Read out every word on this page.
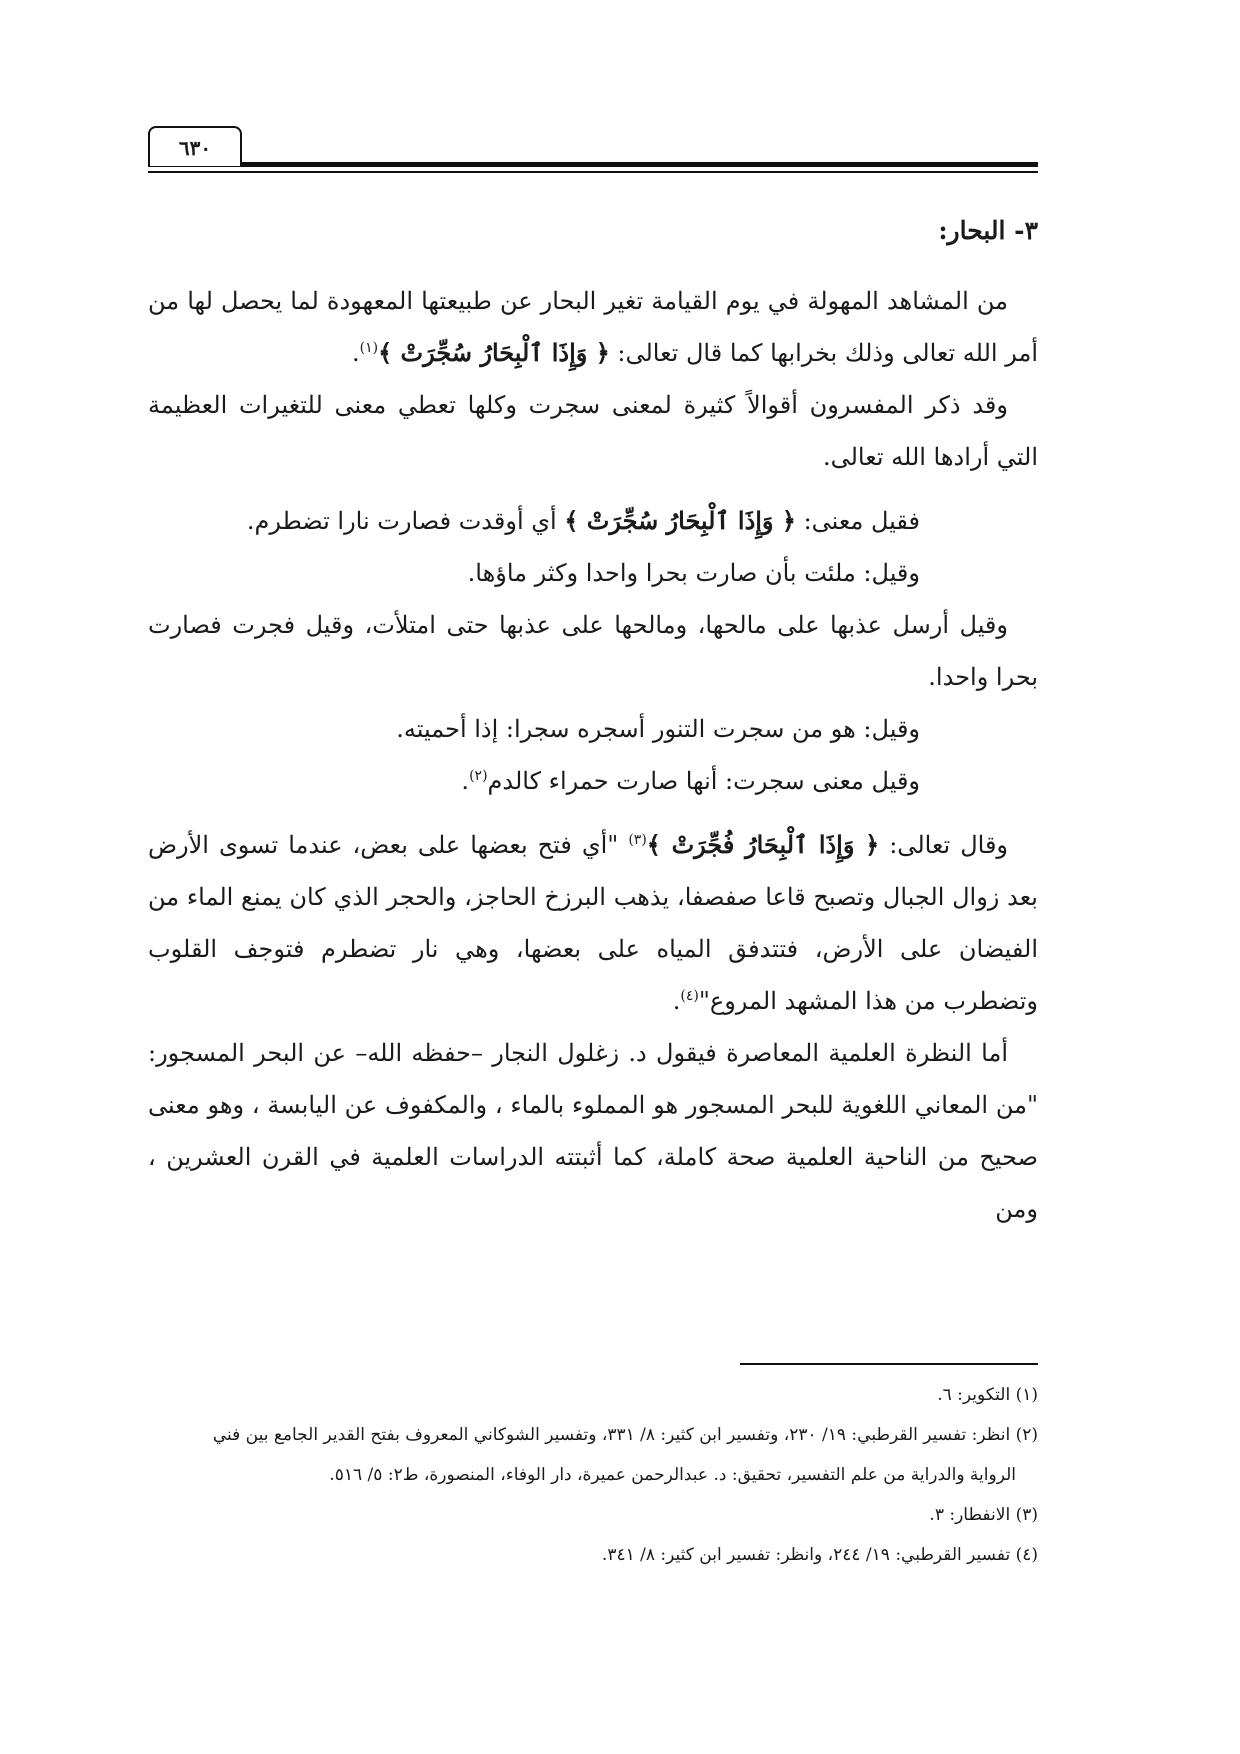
٦٣٠
٣- البحار:

من المشاهد المهولة في يوم القيامة تغير البحار عن طبيعتها المعهودة لما يحصل لها من أمر الله تعالى وذلك بخرابها كما قال تعالى: ﴿ وَإِذَا ٱلْبِحَارُ سُجِّرَتْ ﴾$^{(١)}$.

وقد ذكر المفسرون أقوالاً كثيرة لمعنى سجرت وكلها تعطي معنى للتغيرات العظيمة التي أرادها الله تعالى.

فقيل معنى: ﴿ وَإِذَا ٱلْبِحَارُ سُجِّرَتْ ﴾ أي أوقدت فصارت نارا تضطرم.

وقيل: ملئت بأن صارت بحرا واحدا وكثر ماؤها.

وقيل أرسل عذبها على مالحها، ومالحها على عذبها حتى امتلأت، وقيل فجرت فصارت بحرا واحدا.

وقيل: هو من سجرت التنور أسجره سجرا: إذا أحميته.

وقيل معنى سجرت: أنها صارت حمراء كالدم$^{(٢)}$.

وقال تعالى: ﴿ وَإِذَا ٱلْبِحَارُ فُجِّرَتْ ﴾$^{(٣)}$ "أي فتح بعضها على بعض، عندما تسوى الأرض بعد زوال الجبال وتصبح قاعا صفصفا، يذهب البرزخ الحاجز، والحجر الذي كان يمنع الماء من الفيضان على الأرض، فتتدفق المياه على بعضها، وهي نار تضطرم فتوجف القلوب وتضطرب من هذا المشهد المروع"$^{(٤)}$.

أما النظرة العلمية المعاصرة فيقول د. زغلول النجار –حفظه الله– عن البحر المسجور: "من المعاني اللغوية للبحر المسجور هو المملوء بالماء ، والمكفوف عن اليابسة ، وهو معنى صحيح من الناحية العلمية صحة كاملة، كما أثبتته الدراسات العلمية في القرن العشرين ، ومن

(١) التكوير: ٦.

(٢) انظر: تفسير القرطبي: ١٩/ ٢٣٠، وتفسير ابن كثير: ٨/ ٣٣١، وتفسير الشوكاني المعروف بفتح القدير الجامع بين فني

الرواية والدراية من علم التفسير، تحقيق: د. عبدالرحمن عميرة، دار الوفاء، المنصورة، ط٢: ٥/ ٥١٦.

(٣) الانفطار: ٣.

(٤) تفسير القرطبي: ١٩/ ٢٤٤، وانظر: تفسير ابن كثير: ٨/ ٣٤١.
